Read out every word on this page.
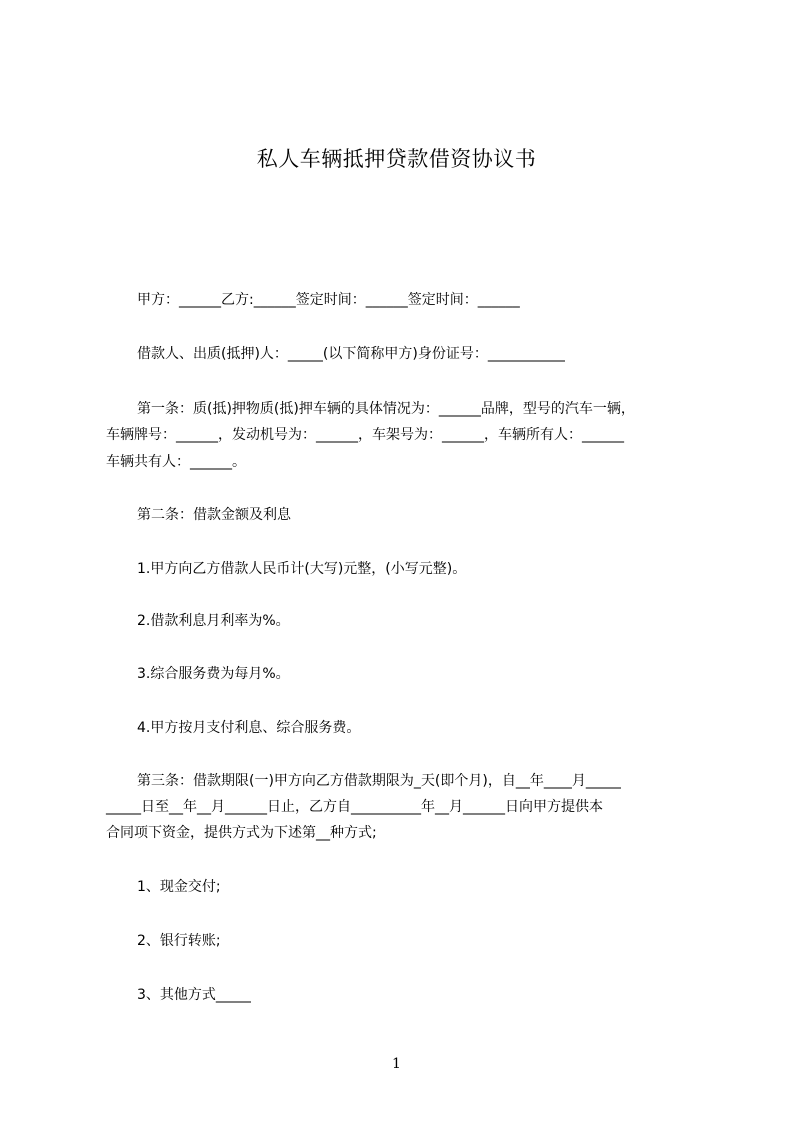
私人车辆抵押贷款借资协议书
甲方：______乙方:______签定时间：______签定时间：______
借款人、出质(抵押)人：_____(以下简称甲方)身份证号：___________
第一条：质(抵)押物质(抵)押车辆的具体情况为：______品牌，型号的汽车一辆，
车辆牌号：______，发动机号为：______，车架号为：______，车辆所有人：______
车辆共有人：______。
第二条：借款金额及利息
1.甲方向乙方借款人民币计(大写)元整，(小写元整)。
2.借款利息月利率为%。
3.综合服务费为每月%。
4.甲方按月支付利息、综合服务费。
第三条：借款期限(一)甲方向乙方借款期限为_天(即个月)，自__年____月_____
_____日至__年__月______日止，乙方自__________年__月______日向甲方提供本
合同项下资金，提供方式为下述第__种方式;
1、现金交付;
2、银行转账;
3、其他方式_____
1
